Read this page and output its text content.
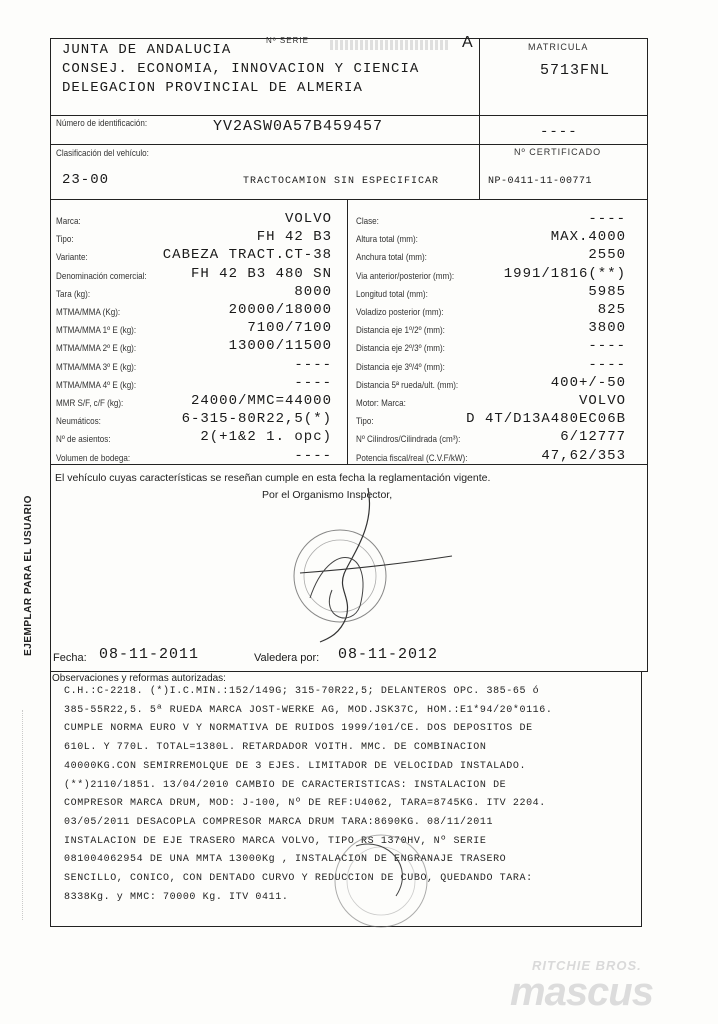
EJEMPLAR PARA EL USUARIO
JUNTA DE ANDALUCIA
CONSEJ. ECONOMIA, INNOVACION Y CIENCIA
DELEGACION PROVINCIAL DE ALMERIA
Nº SERIE	A	MATRICULA
5713FNL
Número de identificación:	YV2ASW0A57B459457	----
Clasificación del vehículo:
23-00	TRACTOCAMION SIN ESPECIFICAR
Nº CERTIFICADO
NP-0411-11-00771
Marca:	VOLVO
Tipo:	FH 42 B3
Variante:	CABEZA TRACT.CT-38
Denominación comercial:	FH 42 B3 480 SN
Tara (kg):	8000
MTMA/MMA (Kg):	20000/18000
MTMA/MMA 1º E (kg):	7100/7100
MTMA/MMA 2º E (kg):	13000/11500
MTMA/MMA 3º E (kg):	----
MTMA/MMA 4º E (kg):	----
MMR S/F, c/F (kg):	24000/MMC=44000
Neumáticos:	6-315-80R22,5(*)
Nº de asientos:	2(+1&2 1. opc)
Volumen de bodega:	----
Clase:	----
Altura total (mm):	MAX.4000
Anchura total (mm):	2550
Via anterior/posterior (mm):	1991/1816(**)
Longitud total (mm):	5985
Voladizo posterior (mm):	825
Distancia eje 1º/2º (mm):	3800
Distancia eje 2º/3º (mm):	----
Distancia eje 3º/4º (mm):	----
Distancia 5ª rueda/ult. (mm):	400+/-50
Motor: Marca:	VOLVO
Tipo:	D 4T/D13A480EC06B
Nº Cilindros/Cilindrada (cm³):	6/12777
Potencia fiscal/real (C.V.F/kW):	47,62/353
El vehículo cuyas características se reseñan cumple en esta fecha la reglamentación vigente.
Por el Organismo Inspector,
Fecha: 08-11-2011	Valedera por: 08-11-2012
Observaciones y reformas autorizadas:
C.H.:C-2218. (*)I.C.MIN.:152/149G; 315-70R22,5; DELANTEROS OPC. 385-65 ó
385-55R22,5. 5ª RUEDA MARCA JOST-WERKE AG, MOD.JSK37C, HOM.:E1*94/20*0116.
CUMPLE NORMA EURO V Y NORMATIVA DE RUIDOS 1999/101/CE. DOS DEPOSITOS DE
610L. Y 770L. TOTAL=1380L. RETARDADOR VOITH. MMC. DE COMBINACION
40000KG.CON SEMIRREMOLQUE DE 3 EJES. LIMITADOR DE VELOCIDAD INSTALADO.
(**)2110/1851. 13/04/2010 CAMBIO DE CARACTERISTICAS: INSTALACION DE
COMPRESOR MARCA DRUM, MOD: J-100, Nº DE REF:U4062, TARA=8745KG. ITV 2204.
03/05/2011 DESACOPLA COMPRESOR MARCA DRUM TARA:8690KG. 08/11/2011
INSTALACION DE EJE TRASERO MARCA VOLVO, TIPO RS 1370HV, Nº SERIE
081004062954 DE UNA MMTA 13000Kg , INSTALACION DE ENGRANAJE TRASERO
SENCILLO, CONICO, CON DENTADO CURVO Y REDUCCION DE CUBO, QUEDANDO TARA:
8338Kg. y MMC: 70000 Kg. ITV 0411.
RITCHIE BROS.
mascus
